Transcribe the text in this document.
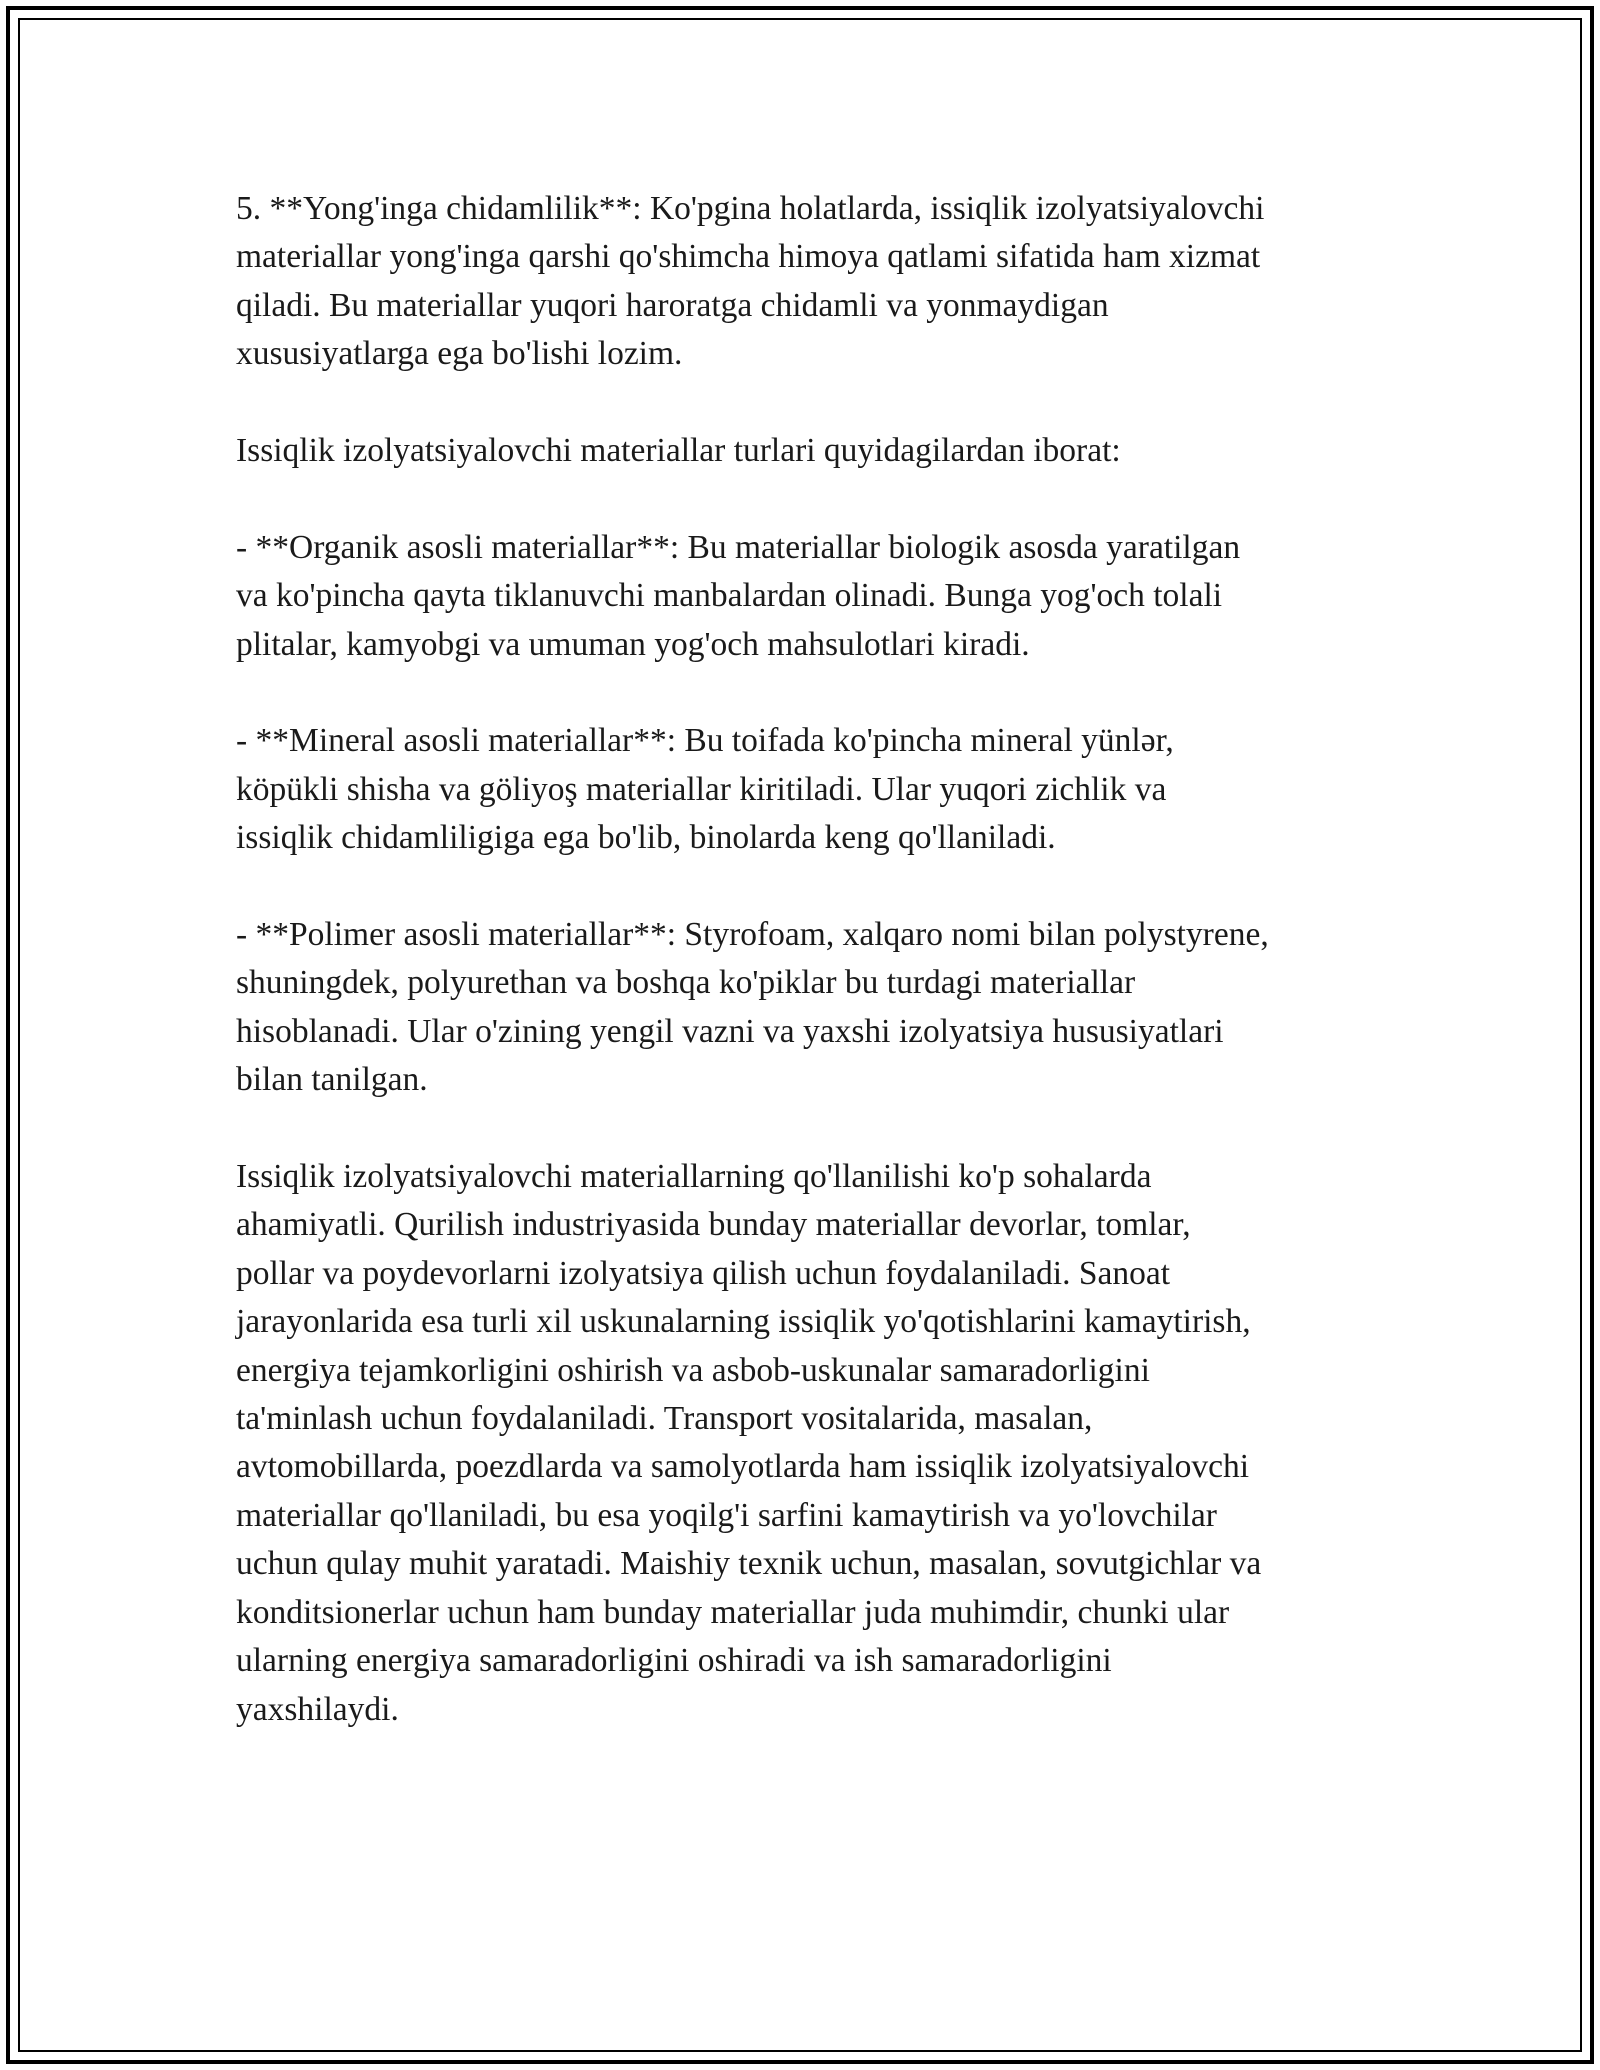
5. **Yong'inga chidamlilik**: Ko'pgina holatlarda, issiqlik izolyatsiyalovchi
materiallar yong'inga qarshi qo'shimcha himoya qatlami sifatida ham xizmat
qiladi. Bu materiallar yuqori haroratga chidamli va yonmaydigan
xususiyatlarga ega bo'lishi lozim.

Issiqlik izolyatsiyalovchi materiallar turlari quyidagilardan iborat:

- **Organik asosli materiallar**: Bu materiallar biologik asosda yaratilgan
va ko'pincha qayta tiklanuvchi manbalardan olinadi. Bunga yog'och tolali
plitalar, kamyobgi va umuman yog'och mahsulotlari kiradi.

- **Mineral asosli materiallar**: Bu toifada ko'pincha mineral yünlər,
köpükli shisha va göliyoş materiallar kiritiladi. Ular yuqori zichlik va
issiqlik chidamliligiga ega bo'lib, binolarda keng qo'llaniladi.

- **Polimer asosli materiallar**: Styrofoam, xalqaro nomi bilan polystyrene,
shuningdek, polyurethan va boshqa ko'piklar bu turdagi materiallar
hisoblanadi. Ular o'zining yengil vazni va yaxshi izolyatsiya hususiyatlari
bilan tanilgan.

Issiqlik izolyatsiyalovchi materiallarning qo'llanilishi ko'p sohalarda
ahamiyatli. Qurilish industriyasida bunday materiallar devorlar, tomlar,
pollar va poydevorlarni izolyatsiya qilish uchun foydalaniladi. Sanoat
jarayonlarida esa turli xil uskunalarning issiqlik yo'qotishlarini kamaytirish,
energiya tejamkorligini oshirish va asbob-uskunalar samaradorligini
ta'minlash uchun foydalaniladi. Transport vositalarida, masalan,
avtomobillarda, poezdlarda va samolyotlarda ham issiqlik izolyatsiyalovchi
materiallar qo'llaniladi, bu esa yoqilg'i sarfini kamaytirish va yo'lovchilar
uchun qulay muhit yaratadi. Maishiy texnik uchun, masalan, sovutgichlar va
konditsionerlar uchun ham bunday materiallar juda muhimdir, chunki ular
ularning energiya samaradorligini oshiradi va ish samaradorligini
yaxshilaydi.
